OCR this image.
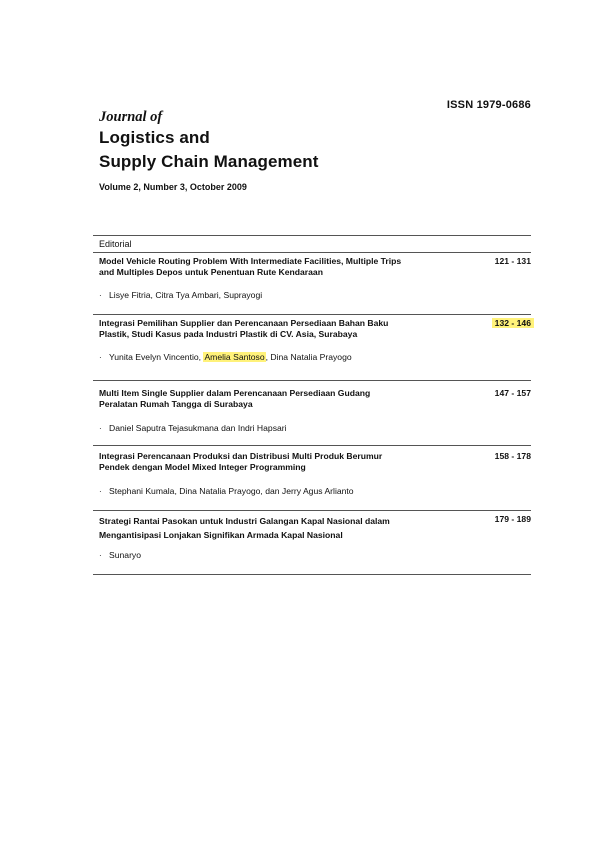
ISSN 1979-0686
Journal of
Logistics and
Supply Chain Management
Volume 2, Number 3, October 2009
Editorial
Model Vehicle Routing Problem With Intermediate Facilities, Multiple Trips
and Multiples Depos untuk Penentuan Rute Kendaraan
121 - 131
· Lisye Fitria, Citra Tya Ambari, Suprayogi
Integrasi Pemilihan Supplier dan Perencanaan Persediaan Bahan Baku
Plastik, Studi Kasus pada Industri Plastik di CV. Asia, Surabaya
132 - 146
· Yunita Evelyn Vincentio, Amelia Santoso, Dina Natalia Prayogo
Multi Item Single Supplier dalam Perencanaan Persediaan Gudang
Peralatan Rumah Tangga di Surabaya
147 - 157
· Daniel Saputra Tejasukmana dan Indri Hapsari
Integrasi Perencanaan Produksi dan Distribusi Multi Produk Berumur
Pendek dengan Model Mixed Integer Programming
158 - 178
· Stephani Kumala, Dina Natalia Prayogo, dan Jerry Agus Arlianto
Strategi Rantai Pasokan untuk Industri Galangan Kapal Nasional dalam
Mengantisipasi Lonjakan Signifikan Armada Kapal Nasional
179 - 189
· Sunaryo
